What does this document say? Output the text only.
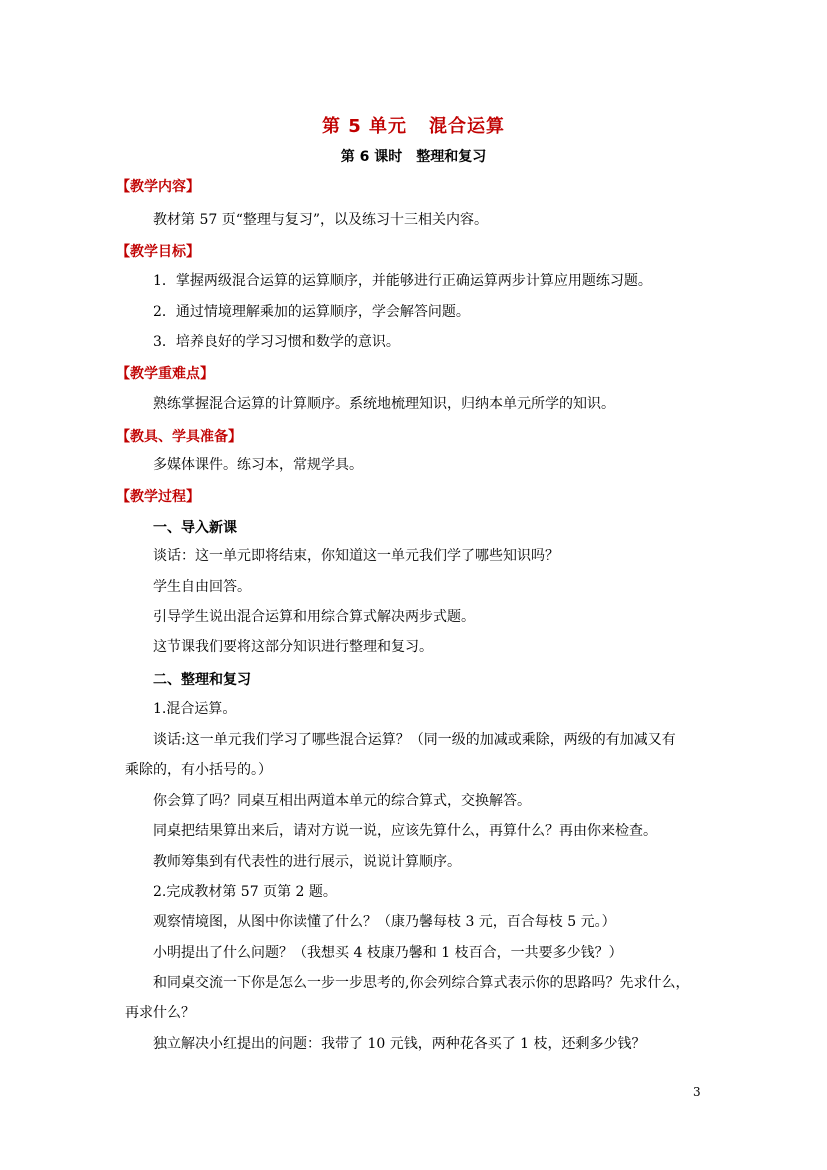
第 5 单元 混合运算
第 6 课时 整理和复习
【教学内容】
教材第 57 页“整理与复习”，以及练习十三相关内容。
【教学目标】
1．掌握两级混合运算的运算顺序，并能够进行正确运算两步计算应用题练习题。
2．通过情境理解乘加的运算顺序，学会解答问题。
3．培养良好的学习习惯和数学的意识。
【教学重难点】
熟练掌握混合运算的计算顺序。系统地梳理知识，归纳本单元所学的知识。
【教具、学具准备】
多媒体课件。练习本，常规学具。
【教学过程】
一、导入新课
谈话：这一单元即将结束，你知道这一单元我们学了哪些知识吗？
学生自由回答。
引导学生说出混合运算和用综合算式解决两步式题。
这节课我们要将这部分知识进行整理和复习。
二、整理和复习
1.混合运算。
谈话:这一单元我们学习了哪些混合运算？（同一级的加减或乘除，两级的有加减又有
乘除的，有小括号的。）
你会算了吗？同桌互相出两道本单元的综合算式，交换解答。
同桌把结果算出来后，请对方说一说，应该先算什么，再算什么？再由你来检查。
教师筹集到有代表性的进行展示，说说计算顺序。
2.完成教材第 57 页第 2 题。
观察情境图，从图中你读懂了什么？（康乃馨每枝 3 元，百合每枝 5 元。）
小明提出了什么问题？（我想买 4 枝康乃馨和 1 枝百合，一共要多少钱？）
和同桌交流一下你是怎么一步一步思考的,你会列综合算式表示你的思路吗？先求什么，
再求什么？
独立解决小红提出的问题：我带了 10 元钱，两种花各买了 1 枝，还剩多少钱？
3
